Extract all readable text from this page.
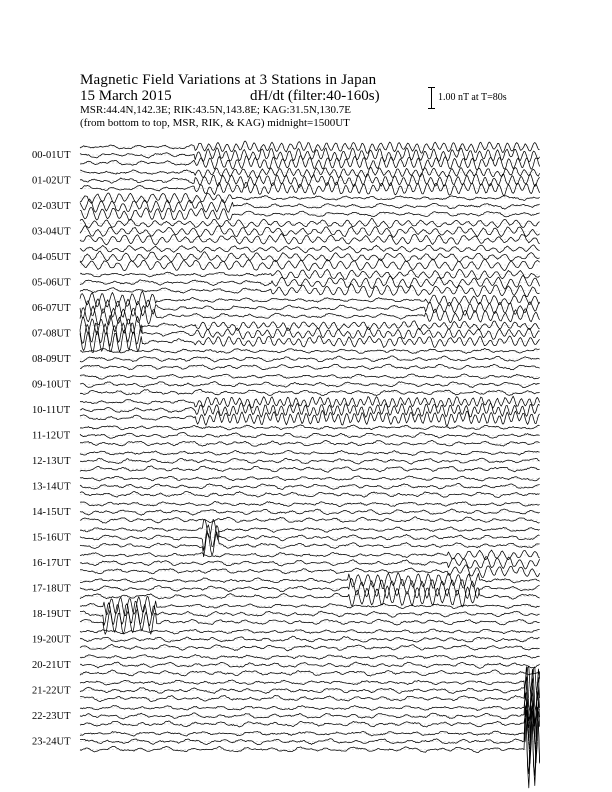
Magnetic Field Variations at 3 Stations in Japan
15 March 2015	dH/dt (filter:40-160s)
MSR:44.4N,142.3E; RIK:43.5N,143.8E; KAG:31.5N,130.7E
(from bottom to top, MSR, RIK, & KAG) midnight=1500UT
1.00 nT at T=80s
00-01UT
01-02UT
02-03UT
03-04UT
04-05UT
05-06UT
06-07UT
07-08UT
08-09UT
09-10UT
10-11UT
11-12UT
12-13UT
13-14UT
14-15UT
15-16UT
16-17UT
17-18UT
18-19UT
19-20UT
20-21UT
21-22UT
22-23UT
23-24UT
